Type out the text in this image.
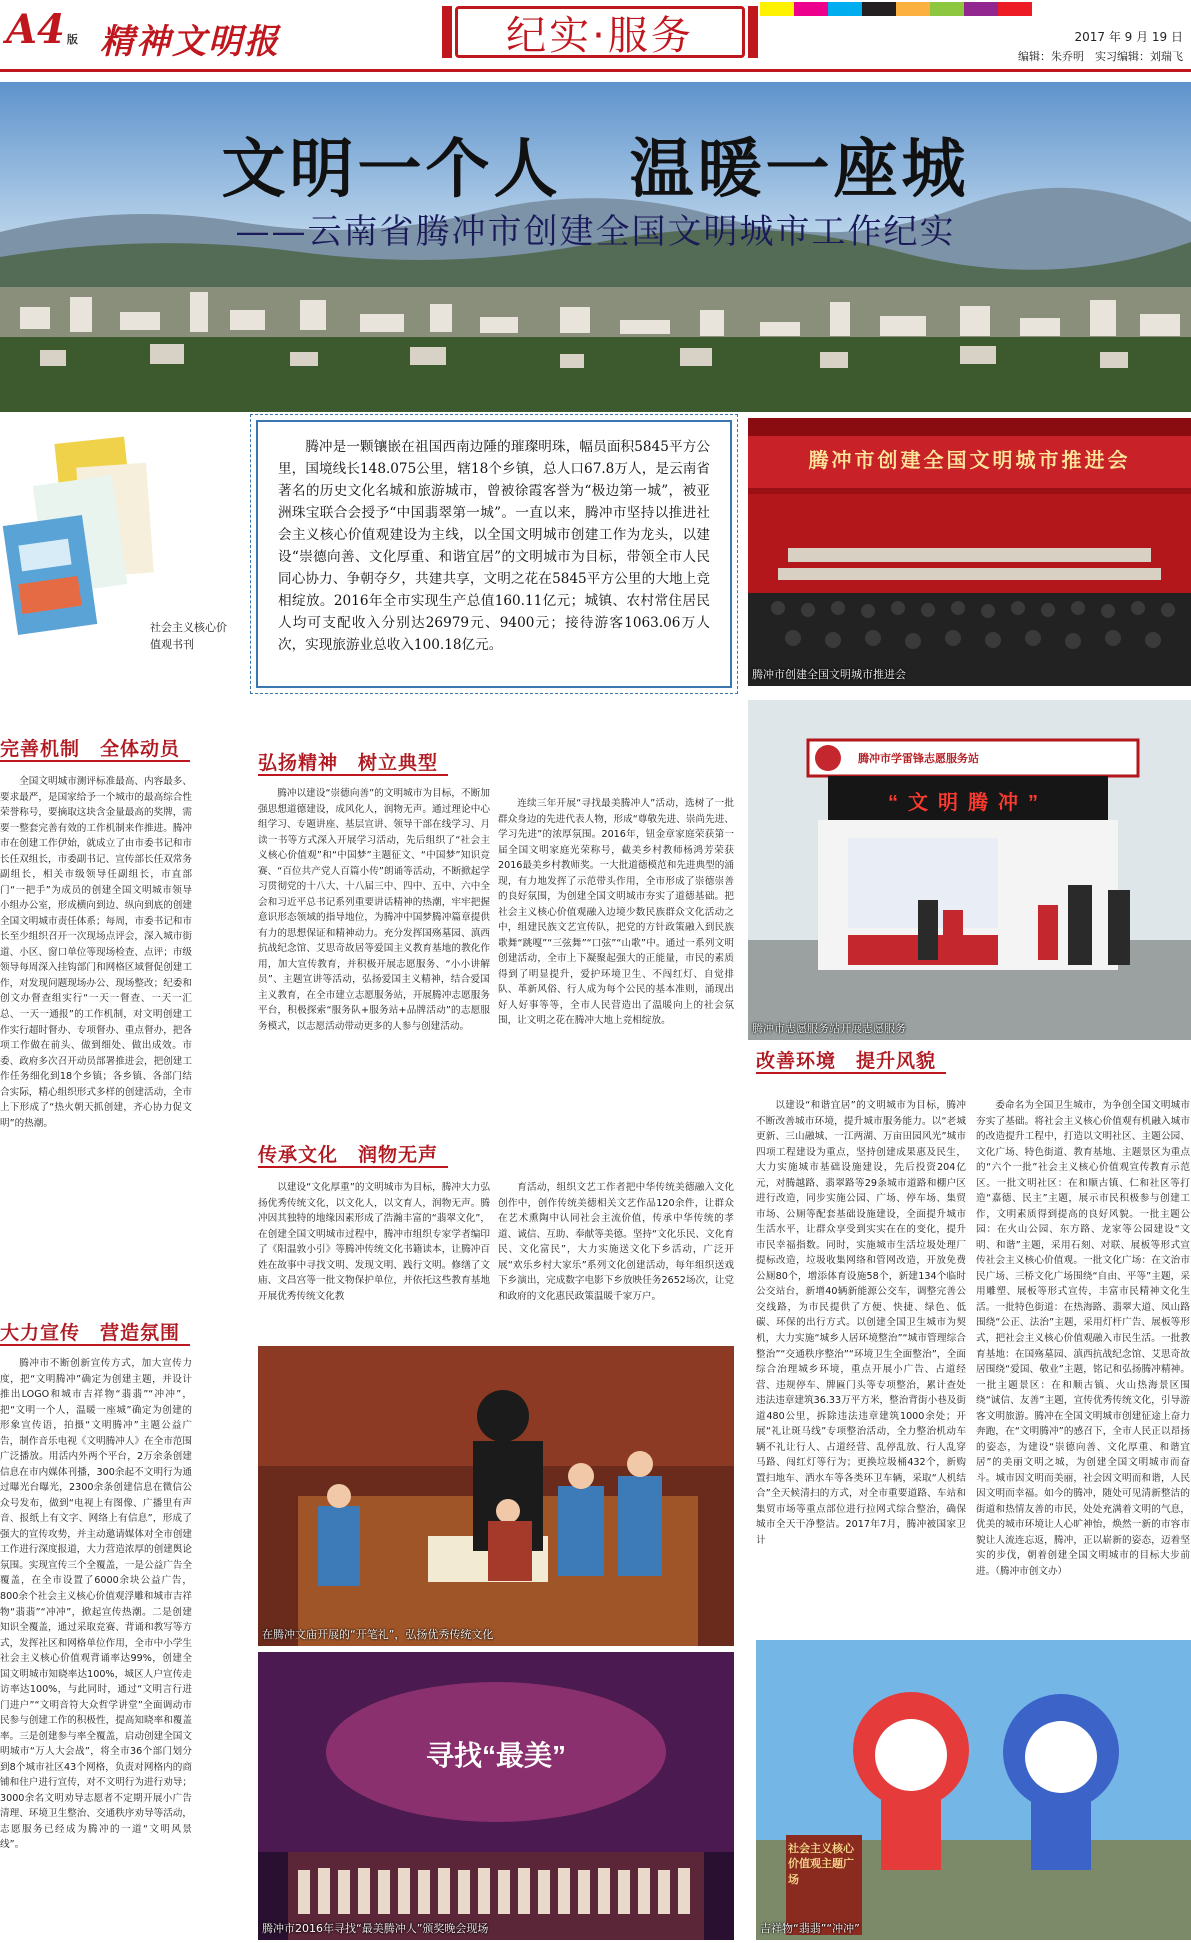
A4 版 精神文明报	纪实·服务	2017 年 9 月 19 日
编辑：朱乔明　实习编辑：刘瑞飞
文明一个人　温暖一座城
——云南省腾冲市创建全国文明城市工作纪实
社会主义核心价值观书刊
腾冲是一颗镶嵌在祖国西南边陲的璀璨明珠，幅员面积5845平方公里，国境线长148.075公里，辖18个乡镇，总人口67.8万人，是云南省著名的历史文化名城和旅游城市，曾被徐霞客誉为“极边第一城”，被亚洲珠宝联合会授予“中国翡翠第一城”。一直以来，腾冲市坚持以推进社会主义核心价值观建设为主线，以全国文明城市创建工作为龙头，以建设“崇德向善、文化厚重、和谐宜居”的文明城市为目标，带领全市人民同心协力、争朝夺夕，共建共享，文明之花在5845平方公里的大地上竞相绽放。2016年全市实现生产总值160.11亿元；城镇、农村常住居民人均可支配收入分别达26979元、9400元；接待游客1063.06万人次，实现旅游业总收入100.18亿元。
腾冲市创建全国文明城市推进会
腾冲市创建全国文明城市推进会
腾冲市学雷锋志愿服务站
“文明腾冲”
腾冲市志愿服务站开展志愿服务
完善机制　全体动员

全国文明城市测评标准最高、内容最多、要求最严，是国家给予一个城市的最高综合性荣誉称号，要摘取这块含金量最高的奖牌，需要一整套完善有效的工作机制来作推进。腾冲市在创建工作伊始，就成立了由市委书记和市长任双组长，市委副书记、宣传部长任双常务副组长，相关市级领导任副组长，市直部门“一把手”为成员的创建全国文明城市领导小组办公室，形成横向到边、纵向到底的创建全国文明城市责任体系；每周，市委书记和市长至少组织召开一次现场点评会，深入城市街道、小区、窗口单位等现场检查、点评；市级领导每周深入挂钩部门和网格区域督促创建工作，对发现问题现场办公、现场整改；纪委和创文办督查组实行“一天一督查、一天一汇总、一天一通报”的工作机制，对文明创建工作实行超时督办、专项督办、重点督办，把各项工作做在前头、做到细处、做出成效。市委、政府多次召开动员部署推进会，把创建工作任务细化到18个乡镇；各乡镇、各部门结合实际，精心组织形式多样的创建活动，全市上下形成了“热火朝天抓创建，齐心协力促文明”的热潮。

大力宣传　营造氛围

腾冲市不断创新宣传方式，加大宣传力度，把“文明腾冲”确定为创建主题，并设计推出LOGO和城市吉祥物“翡翡”“冲冲”，把“文明一个人，温暖一座城”确定为创建的形象宣传语，拍摄“文明腾冲”主题公益广告，制作音乐电视《文明腾冲人》在全市范围广泛播放。用活内外两个平台，2万余条创建信息在市内媒体刊播，300余起不文明行为通过曝光台曝光，2300余条创建信息在微信公众号发布，做到“电视上有图像、广播里有声音、报纸上有文字、网络上有信息”，形成了强大的宣传攻势，并主动邀请媒体对全市创建工作进行深度报道，大力营造浓厚的创建舆论氛围。实现宣传三个全覆盖，一是公益广告全覆盖，在全市设置了6000余块公益广告，800余个社会主义核心价值观浮雕和城市吉祥物“翡翡”“冲冲”，掀起宣传热潮。二是创建知识全覆盖，通过采取竞赛、背诵和教写等方式，发挥社区和网格单位作用，全市中小学生社会主义核心价值观背诵率达99%，创建全国文明城市知晓率达100%，城区人户宣传走访率达100%，与此同时，通过“文明言行进门进户”“文明音符大众哲学讲堂”全面调动市民参与创建工作的积极性，提高知晓率和覆盖率。三是创建参与率全覆盖，启动创建全国文明城市“万人大会战”，将全市36个部门划分到8个城市社区43个网格，负责对网格内的商铺和住户进行宣传，对不文明行为进行劝导；3000余名文明劝导志愿者不定期开展小广告清理、环境卫生整治、交通秩序劝导等活动，志愿服务已经成为腾冲的一道“文明风景线”。

弘扬精神　树立典型

腾冲以建设“崇德向善”的文明城市为目标，不断加强思想道德建设，成风化人，润物无声。通过理论中心组学习、专题讲座、基层宣讲、领导干部在线学习、月读一书等方式深入开展学习活动，先后组织了“社会主义核心价值观”和“中国梦”主题征文、“中国梦”知识竞赛、“百位共产党人百篇小传”朗诵等活动，不断掀起学习贯彻党的十八大、十八届三中、四中、五中、六中全会和习近平总书记系列重要讲话精神的热潮，牢牢把握意识形态领域的指导地位，为腾冲中国梦腾冲篇章提供有力的思想保证和精神动力。充分发挥国殇墓园、滇西抗战纪念馆、艾思奇故居等爱国主义教育基地的教化作用，加大宣传教育，并积极开展志愿服务、“小小讲解员”、主题宣讲等活动，弘扬爱国主义精神，结合爱国主义教育，在全市建立志愿服务站，开展腾冲志愿服务平台，积极探索“服务队+服务站+品牌活动”的志愿服务模式，以志愿活动带动更多的人参与创建活动。

连续三年开展“寻找最美腾冲人”活动，选树了一批群众身边的先进代表人物，形成“尊敬先进、崇尚先进、学习先进”的浓厚氛围。2016年，钮金章家庭荣获第一届全国文明家庭光荣称号，截美乡村教师杨鸿芳荣获2016最美乡村教师奖。一大批道德模范和先进典型的涌现，有力地发挥了示范带头作用，全市形成了崇德崇善的良好氛围，为创建全国文明城市夯实了道德基础。把社会主义核心价值观融入边境少数民族群众文化活动之中，组建民族文艺宣传队，把党的方针政策融入到民族歌舞“跳嘎”“三弦舞”“口弦”“山歌”中。通过一系列文明创建活动，全市上下凝聚起强大的正能量，市民的素质得到了明显提升，爱护环境卫生、不闯红灯、自觉排队、革新风俗、行人成为每个公民的基本准则，涌现出好人好事等等，全市人民营造出了温暖向上的社会氛围，让文明之花在腾冲大地上竞相绽放。

传承文化　润物无声

以建设“文化厚重”的文明城市为目标，腾冲大力弘扬优秀传统文化，以文化人，以文育人，润物无声。腾冲因其独特的地缘因素形成了浩瀚丰富的“翡翠文化”，在创建全国文明城市过程中，腾冲市组织专家学者编印了《阳温敦小引》等腾冲传统文化书籍读本，让腾冲百姓在故事中寻找文明、发现文明、践行文明。修缮了文庙、文昌宫等一批文物保护单位，并依托这些教育基地开展优秀传统文化教

育活动，组织文艺工作者把中华传统美德融入文化创作中，创作传统美德相关文艺作品120余件，让群众在艺术熏陶中认同社会主流价值，传承中华传统的孝道、诚信、互助、奉献等美德。坚持“文化乐民、文化育民、文化富民”，大力实施送文化下乡活动，广泛开展“欢乐乡村大家乐”系列文化创建活动，每年组织送戏下乡演出，完成数字电影下乡放映任务2652场次，让党和政府的文化惠民政策温暖千家万户。

在腾冲文庙开展的“开笔礼”，弘扬优秀传统文化
寻找“最美”
腾冲市2016年寻找“最美腾冲人”颁奖晚会现场
改善环境　提升风貌

以建设“和谐宜居”的文明城市为目标，腾冲不断改善城市环境，提升城市服务能力。以“老城更新、三山融城、一江两湖、万亩田园风光”城市四项工程建设为重点，坚持创建成果惠及民生，大力实施城市基础设施建设，先后投资204亿元，对腾越路、翡翠路等29条城市道路和棚户区进行改造，同步实施公园、广场、停车场、集贸市场、公厕等配套基础设施建设，全面提升城市生活水平，让群众享受到实实在在的变化，提升市民幸福指数。同时，实施城市生活垃圾处理厂提标改造，垃圾收集网络和管网改造，开放免费公厕80个，增添体育设施58个，新建134个临时公交站台，新增40辆新能源公交车，调整完善公交线路，为市民提供了方便、快捷、绿色、低碳、环保的出行方式。以创建全国卫生城市为契机，大力实施“城乡人居环境整治”“城市管理综合整治”“交通秩序整治”“环境卫生全面整治”，全面综合治理城乡环境，重点开展小广告、占道经营、违规停车、牌匾门头等专项整治，累计查处违法违章建筑36.33万平方米，整治背街小巷及街道480公里，拆除违法违章建筑1000余处；开展“礼让斑马线”专项整治活动，全力整治机动车辆不礼让行人、占道经营、乱停乱放、行人乱穿马路、闯红灯等行为；更换垃圾桶432个，新购置扫地车、洒水车等各类环卫车辆，采取“人机结合”全天候清扫的方式，对全市重要道路、车站和集贸市场等重点部位进行拉网式综合整治，确保城市全天干净整洁。2017年7月，腾冲被国家卫计

委命名为全国卫生城市，为争创全国文明城市夯实了基础。将社会主义核心价值观有机融入城市的改造提升工程中，打造以文明社区、主题公园、文化广场、特色街道、教育基地、主题景区为重点的“六个一批”社会主义核心价值观宣传教育示范区。一批文明社区：在和顺古镇、仁和社区等打造“嘉德、民主”主题，展示市民积极参与创建工作，文明素质得到提高的良好风貌。一批主题公园：在火山公园、东方路、龙家等公园建设“文明、和谐”主题，采用石刻、对联、展板等形式宣传社会主义核心价值观。一批文化广场：在文治市民广场、三桥文化广场围绕“自由、平等”主题，采用雕塑、展板等形式宣传，丰富市民精神文化生活。一批特色街道：在热海路、翡翠大道、凤山路围绕“公正、法治”主题，采用灯杆广告、展板等形式，把社会主义核心价值观融入市民生活。一批教育基地：在国殇墓园、滇西抗战纪念馆、艾思奇故居围绕“爱国、敬业”主题，铭记和弘扬腾冲精神。一批主题景区：在和顺古镇、火山热海景区围绕“诚信、友善”主题，宣传优秀传统文化，引导游客文明旅游。腾冲在全国文明城市创建征途上奋力奔跑，在“文明腾冲”的感召下，全市人民正以昂扬的姿态，为建设“崇德向善、文化厚重、和谐宜居”的美丽文明之城，为创建全国文明城市而奋斗。城市因文明而美丽，社会因文明而和谐，人民因文明而幸福。如今的腾冲，随处可见清新整洁的街道和热情友善的市民，处处充满着文明的气息，优美的城市环境让人心旷神怡，焕然一新的市容市貌让人流连忘返，腾冲，正以崭新的姿态，迈着坚实的步伐，朝着创建全国文明城市的目标大步前进。（腾冲市创文办）

社会主义核心价值观主题广场
吉祥物“翡翡”“冲冲”
